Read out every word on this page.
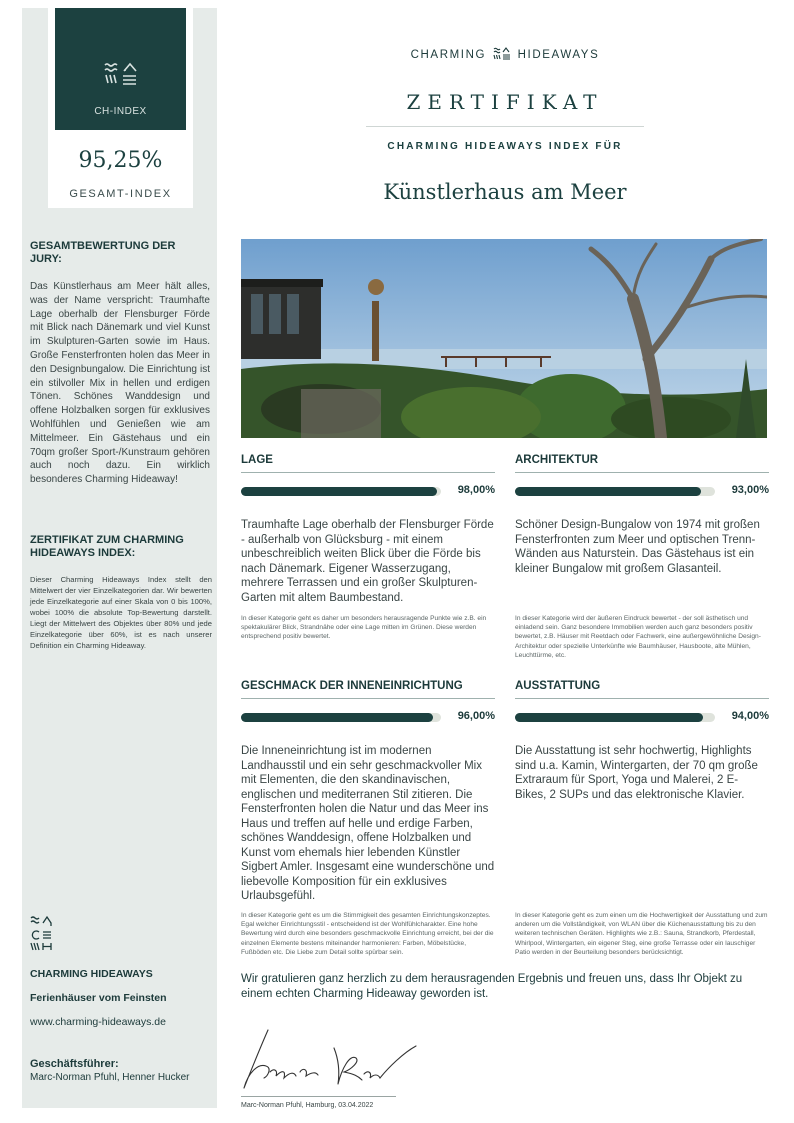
CH-INDEX
95,25%
GESAMT-INDEX
GESAMTBEWERTUNG DER JURY:
Das Künstlerhaus am Meer hält alles, was der Name verspricht: Traumhafte Lage oberhalb der Flensburger Förde mit Blick nach Dänemark und viel Kunst im Skulpturen-Garten sowie im Haus. Große Fensterfronten holen das Meer in den Designbungalow. Die Einrichtung ist ein stilvoller Mix in hellen und erdigen Tönen. Schönes Wanddesign und offene Holzbalken sorgen für exklusives Wohlfühlen und Genießen wie am Mittelmeer. Ein Gästehaus und ein 70qm großer Sport-/Kunstraum gehören auch noch dazu. Ein wirklich besonderes Charming Hideaway!
ZERTIFIKAT ZUM CHARMING HIDEAWAYS INDEX:
Dieser Charming Hideaways Index stellt den Mittelwert der vier Einzelkategorien dar. Wir bewerten jede Einzelkategorie auf einer Skala von 0 bis 100%, wobei 100% die absolute Top-Bewertung darstellt. Liegt der Mittelwert des Objektes über 80% und jede Einzelkategorie über 60%, ist es nach unserer Definition ein Charming Hideaway.
CHARMING HIDEAWAYS
Ferienhäuser vom Feinsten
www.charming-hideaways.de
Geschäftsführer:
Marc-Norman Pfuhl, Henner Hucker
CHARMING	HIDEAWAYS
ZERTIFIKAT
CHARMING HIDEAWAYS INDEX FÜR
Künstlerhaus am Meer
LAGE
98,00%
Traumhafte Lage oberhalb der Flensburger Förde - außerhalb von Glücksburg - mit einem unbeschreiblich weiten Blick über die Förde bis nach Dänemark. Eigener Wasserzugang, mehrere Terrassen und ein großer Skulpturen-Garten mit altem Baumbestand.
In dieser Kategorie geht es daher um besonders herausragende Punkte wie z.B. ein spektakulärer Blick, Strandnähe oder eine Lage mitten im Grünen. Diese werden entsprechend positiv bewertet.
ARCHITEKTUR
93,00%
Schöner Design-Bungalow von 1974 mit großen Fensterfronten zum Meer und optischen Trenn-Wänden aus Naturstein. Das Gästehaus ist ein kleiner Bungalow mit großem Glasanteil.
In dieser Kategorie wird der äußeren Eindruck bewertet - der soll ästhetisch und einladend sein. Ganz besondere Immobilien werden auch ganz besonders positiv bewertet, z.B. Häuser mit Reetdach oder Fachwerk, eine außergewöhnliche Design-Architektur oder spezielle Unterkünfte wie Baumhäuser, Hausboote, alte Mühlen, Leuchttürme, etc.
GESCHMACK DER INNENEINRICHTUNG
96,00%
Die Inneneinrichtung ist im modernen Landhausstil und ein sehr geschmackvoller Mix mit Elementen, die den skandinavischen, englischen und mediterranen Stil zitieren. Die Fensterfronten holen die Natur und das Meer ins Haus und treffen auf helle und erdige Farben, schönes Wanddesign, offene Holzbalken und Kunst vom ehemals hier lebenden Künstler Sigbert Amler. Insgesamt eine wunderschöne und liebevolle Komposition für ein exklusives Urlaubsgefühl.
In dieser Kategorie geht es um die Stimmigkeit des gesamten Einrichtungskonzeptes. Egal welcher Einrichtungsstil - entscheidend ist der Wohlfühlcharakter. Eine hohe Bewertung wird durch eine besonders geschmackvolle Einrichtung erreicht, bei der die einzelnen Elemente bestens miteinander harmonieren: Farben, Möbelstücke, Fußböden etc. Die Liebe zum Detail sollte spürbar sein.
AUSSTATTUNG
94,00%
Die Ausstattung ist sehr hochwertig, Highlights sind u.a. Kamin, Wintergarten, der 70 qm große Extraraum für Sport, Yoga und Malerei, 2 E-Bikes, 2 SUPs und das elektronische Klavier.
In dieser Kategorie geht es zum einen um die Hochwertigkeit der Ausstattung und zum anderen um die Vollständigkeit, von WLAN über die Küchenausstattung bis zu den weiteren technischen Geräten. Highlights wie z.B.: Sauna, Strandkorb, Pferdestall, Whirlpool, Wintergarten, ein eigener Steg, eine große Terrasse oder ein lauschiger Patio werden in der Beurteilung besonders berücksichtigt.
Wir gratulieren ganz herzlich zu dem herausragenden Ergebnis und freuen uns, dass Ihr Objekt zu einem echten Charming Hideaway geworden ist.
Marc-Norman Pfuhl, Hamburg, 03.04.2022
